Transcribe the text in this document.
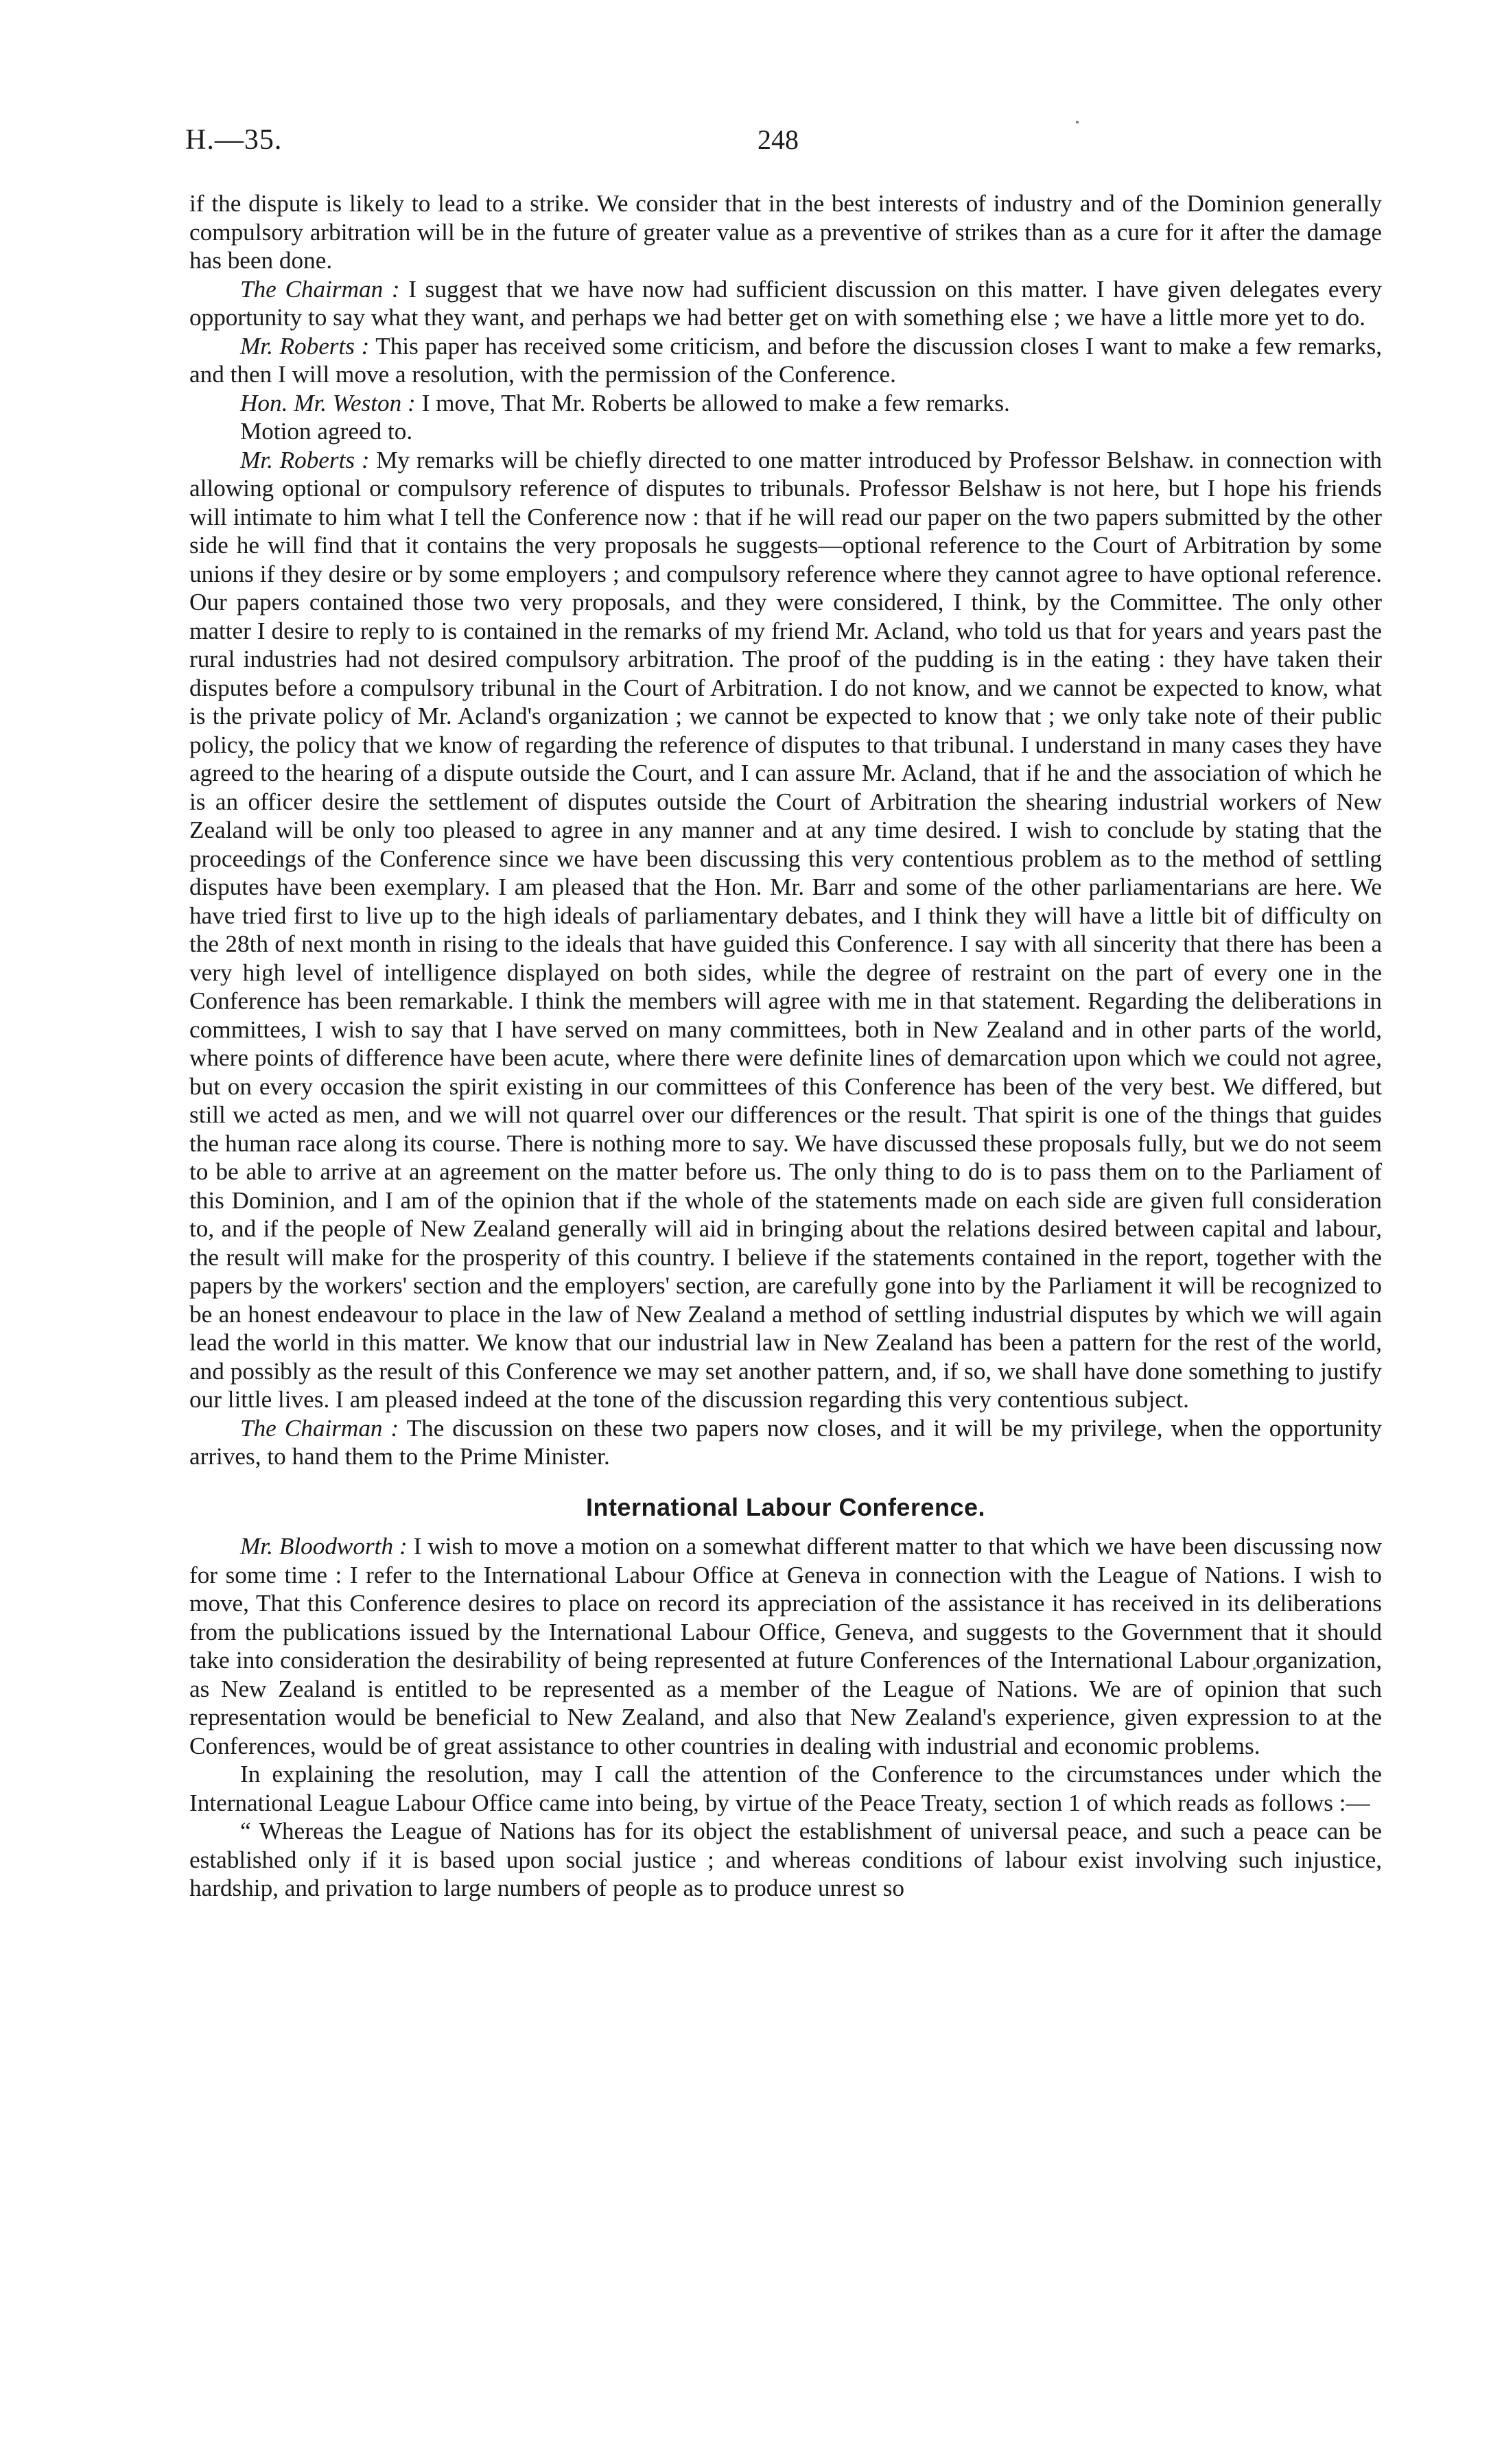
H.—35.	248

if the dispute is likely to lead to a strike. We consider that in the best interests of industry and of the Dominion generally compulsory arbitration will be in the future of greater value as a preventive of strikes than as a cure for it after the damage has been done.

The Chairman : I suggest that we have now had sufficient discussion on this matter. I have given delegates every opportunity to say what they want, and perhaps we had better get on with something else ; we have a little more yet to do.

Mr. Roberts : This paper has received some criticism, and before the discussion closes I want to make a few remarks, and then I will move a resolution, with the permission of the Conference.

Hon. Mr. Weston : I move, That Mr. Roberts be allowed to make a few remarks.

Motion agreed to.

Mr. Roberts : My remarks will be chiefly directed to one matter introduced by Professor Belshaw. in connection with allowing optional or compulsory reference of disputes to tribunals. Professor Belshaw is not here, but I hope his friends will intimate to him what I tell the Conference now : that if he will read our paper on the two papers submitted by the other side he will find that it contains the very proposals he suggests—optional reference to the Court of Arbitration by some unions if they desire or by some employers ; and compulsory reference where they cannot agree to have optional reference. Our papers contained those two very proposals, and they were considered, I think, by the Committee. The only other matter I desire to reply to is contained in the remarks of my friend Mr. Acland, who told us that for years and years past the rural industries had not desired compulsory arbitration. The proof of the pudding is in the eating : they have taken their disputes before a compulsory tribunal in the Court of Arbitration. I do not know, and we cannot be expected to know, what is the private policy of Mr. Acland's organization ; we cannot be expected to know that ; we only take note of their public policy, the policy that we know of regarding the reference of disputes to that tribunal. I understand in many cases they have agreed to the hearing of a dispute outside the Court, and I can assure Mr. Acland, that if he and the association of which he is an officer desire the settlement of disputes outside the Court of Arbitration the shearing industrial workers of New Zealand will be only too pleased to agree in any manner and at any time desired. I wish to conclude by stating that the proceedings of the Conference since we have been discussing this very contentious problem as to the method of settling disputes have been exemplary. I am pleased that the Hon. Mr. Barr and some of the other parliamentarians are here. We have tried first to live up to the high ideals of parliamentary debates, and I think they will have a little bit of difficulty on the 28th of next month in rising to the ideals that have guided this Conference. I say with all sincerity that there has been a very high level of intelligence displayed on both sides, while the degree of restraint on the part of every one in the Conference has been remarkable. I think the members will agree with me in that statement. Regarding the deliberations in committees, I wish to say that I have served on many committees, both in New Zealand and in other parts of the world, where points of difference have been acute, where there were definite lines of demarcation upon which we could not agree, but on every occasion the spirit existing in our committees of this Conference has been of the very best. We differed, but still we acted as men, and we will not quarrel over our differences or the result. That spirit is one of the things that guides the human race along its course. There is nothing more to say. We have discussed these proposals fully, but we do not seem to be able to arrive at an agreement on the matter before us. The only thing to do is to pass them on to the Parliament of this Dominion, and I am of the opinion that if the whole of the statements made on each side are given full consideration to, and if the people of New Zealand generally will aid in bringing about the relations desired between capital and labour, the result will make for the prosperity of this country. I believe if the statements contained in the report, together with the papers by the workers' section and the employers' section, are carefully gone into by the Parliament it will be recognized to be an honest endeavour to place in the law of New Zealand a method of settling industrial disputes by which we will again lead the world in this matter. We know that our industrial law in New Zealand has been a pattern for the rest of the world, and possibly as the result of this Conference we may set another pattern, and, if so, we shall have done something to justify our little lives. I am pleased indeed at the tone of the discussion regarding this very contentious subject.

The Chairman : The discussion on these two papers now closes, and it will be my privilege, when the opportunity arrives, to hand them to the Prime Minister.

International Labour Conference.

Mr. Bloodworth : I wish to move a motion on a somewhat different matter to that which we have been discussing now for some time : I refer to the International Labour Office at Geneva in connection with the League of Nations. I wish to move, That this Conference desires to place on record its appreciation of the assistance it has received in its deliberations from the publications issued by the International Labour Office, Geneva, and suggests to the Government that it should take into consideration the desirability of being represented at future Conferences of the International Labour organization, as New Zealand is entitled to be represented as a member of the League of Nations. We are of opinion that such representation would be beneficial to New Zealand, and also that New Zealand's experience, given expression to at the Conferences, would be of great assistance to other countries in dealing with industrial and economic problems.

In explaining the resolution, may I call the attention of the Conference to the circumstances under which the International League Labour Office came into being, by virtue of the Peace Treaty, section 1 of which reads as follows :—

“ Whereas the League of Nations has for its object the establishment of universal peace, and such a peace can be established only if it is based upon social justice ; and whereas conditions of labour exist involving such injustice, hardship, and privation to large numbers of people as to produce unrest so
